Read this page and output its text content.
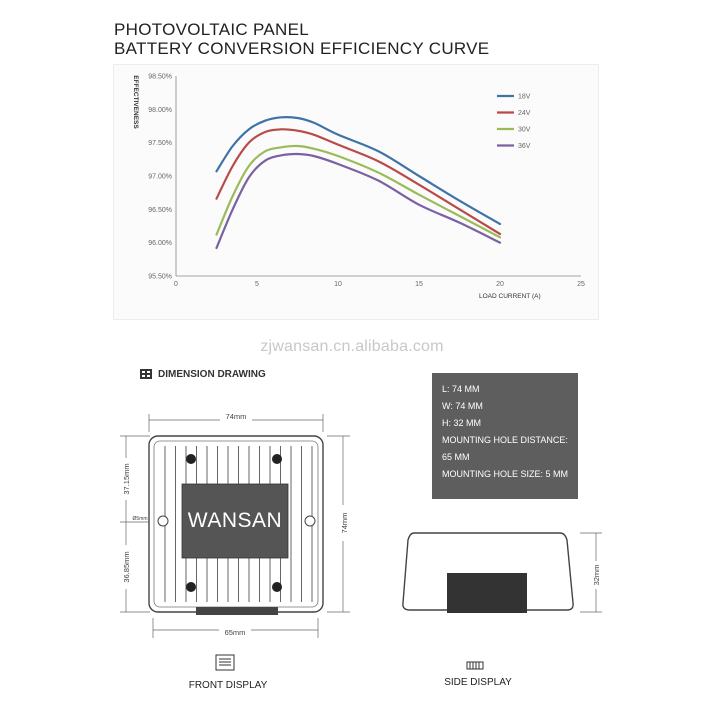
PHOTOVOLTAIC PANEL
BATTERY CONVERSION EFFICIENCY CURVE
95.50%
96.00%
96.50%
97.00%
97.50%
98.00%
98.50%
0	5	10	15	20	25
LOAD CURRENT (A)
EFFECTIVENESS	18V
24V
30V
36V
zjwansan.cn.alibaba.com
DIMENSION DRAWING
74mm
65mm
74mm
37.15mm
36.85mm
Ø5mm
32mm
WANSAN
L: 74 MM
W: 74 MM
H: 32 MM
MOUNTING HOLE DISTANCE:
65 MM
MOUNTING HOLE SIZE: 5 MM
FRONT DISPLAY	SIDE DISPLAY
